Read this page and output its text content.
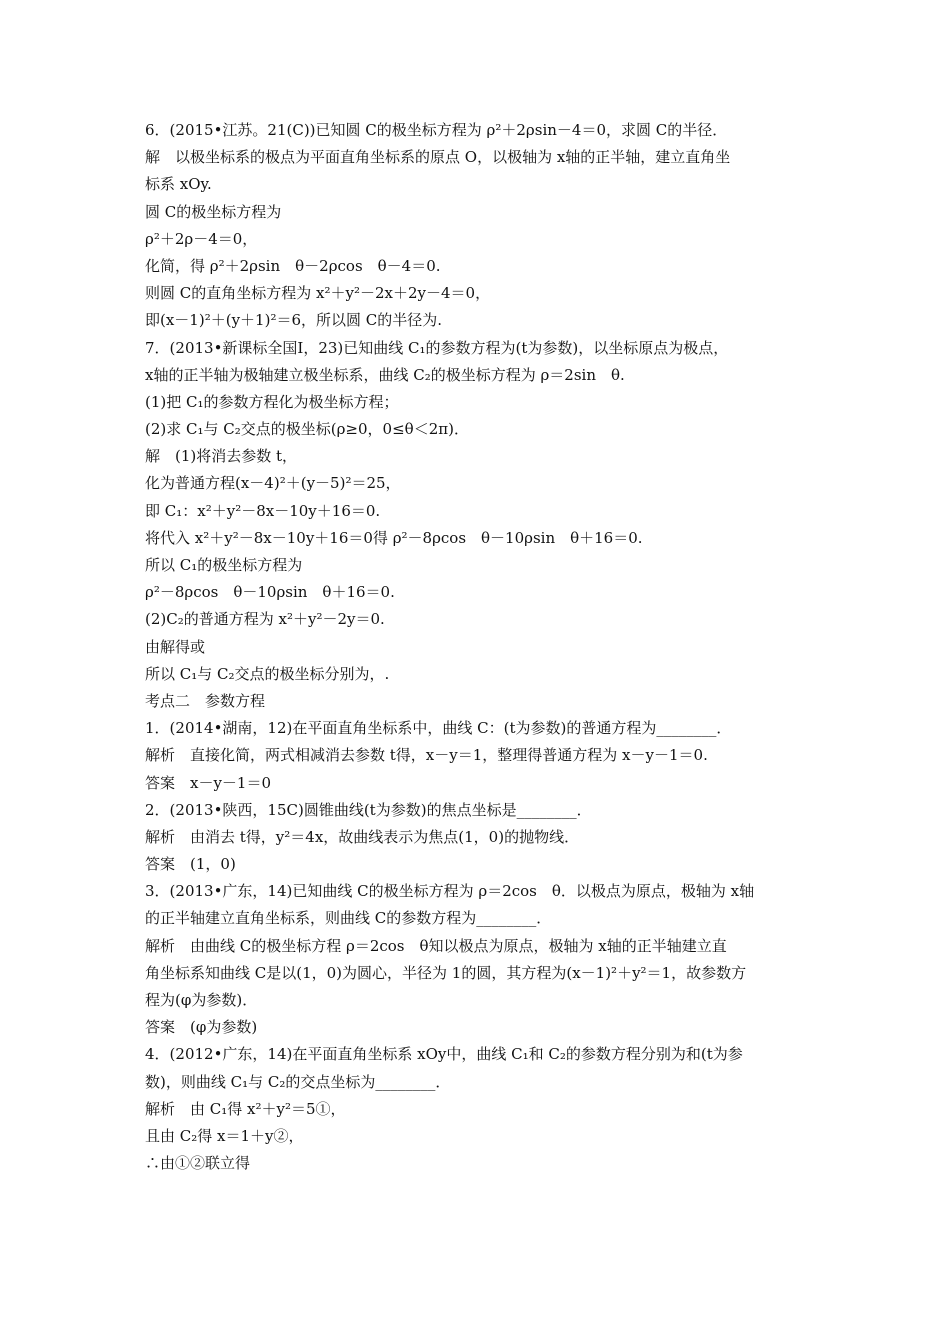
6．(2015•江苏。21(C))已知圆 C的极坐标方程为 ρ²＋2ρsin－4＝0，求圆 C的半径．
解　以极坐标系的极点为平面直角坐标系的原点 O，以极轴为 x轴的正半轴，建立直角坐
标系 xOy.
圆 C的极坐标方程为
ρ²＋2ρ－4＝0，
化简，得 ρ²＋2ρsin　θ－2ρcos　θ－4＝0.
则圆 C的直角坐标方程为 x²＋y²－2x＋2y－4＝0，
即(x－1)²＋(y＋1)²＝6，所以圆 C的半径为.
7．(2013•新课标全国Ⅰ，23)已知曲线 C₁的参数方程为(t为参数)，以坐标原点为极点，
x轴的正半轴为极轴建立极坐标系，曲线 C₂的极坐标方程为 ρ＝2sin　θ.
(1)把 C₁的参数方程化为极坐标方程；
(2)求 C₁与 C₂交点的极坐标(ρ≥0，0≤θ＜2π)．
解　(1)将消去参数 t，
化为普通方程(x－4)²＋(y－5)²＝25，
即 C₁：x²＋y²－8x－10y＋16＝0.
将代入 x²＋y²－8x－10y＋16＝0得 ρ²－8ρcos　θ－10ρsin　θ＋16＝0.
所以 C₁的极坐标方程为
ρ²－8ρcos　θ－10ρsin　θ＋16＝0.
(2)C₂的普通方程为 x²＋y²－2y＝0.
由解得或
所以 C₁与 C₂交点的极坐标分别为，.
考点二　参数方程
1．(2014•湖南，12)在平面直角坐标系中，曲线 C：(t为参数)的普通方程为________．
解析　直接化简，两式相减消去参数 t得，x－y＝1，整理得普通方程为 x－y－1＝0.
答案　x－y－1＝0
2．(2013•陕西，15C)圆锥曲线(t为参数)的焦点坐标是________．
解析　由消去 t得，y²＝4x，故曲线表示为焦点(1，0)的抛物线．
答案　(1，0)
3．(2013•广东，14)已知曲线 C的极坐标方程为 ρ＝2cos　θ．以极点为原点，极轴为 x轴
的正半轴建立直角坐标系，则曲线 C的参数方程为________．
解析　由曲线 C的极坐标方程 ρ＝2cos　θ知以极点为原点，极轴为 x轴的正半轴建立直
角坐标系知曲线 C是以(1，0)为圆心，半径为 1的圆，其方程为(x－1)²＋y²＝1，故参数方
程为(φ为参数)．
答案　(φ为参数)
4．(2012•广东，14)在平面直角坐标系 xOy中，曲线 C₁和 C₂的参数方程分别为和(t为参
数)，则曲线 C₁与 C₂的交点坐标为________．
解析　由 C₁得 x²＋y²＝5①，
且由 C₂得 x＝1＋y②，
∴由①②联立得
